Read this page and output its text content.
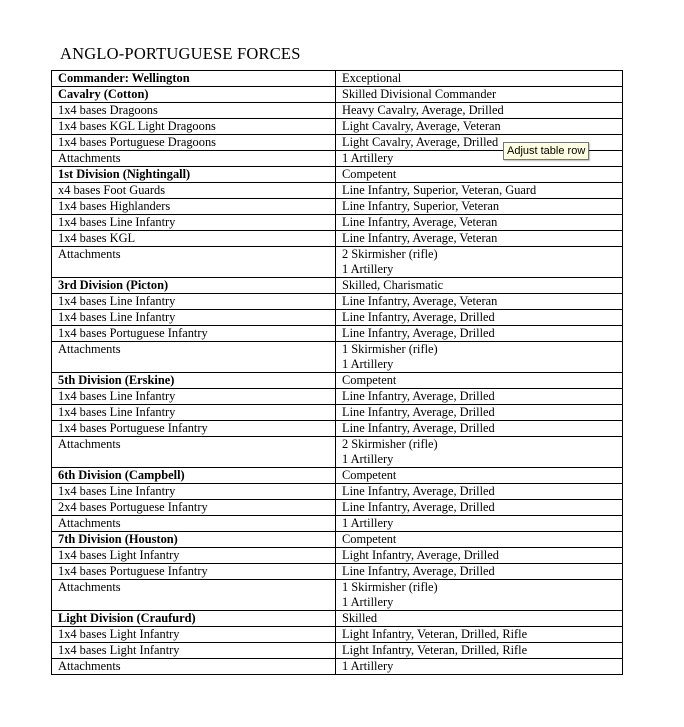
ANGLO-PORTUGUESE FORCES
Commander: Wellington	Exceptional

Cavalry (Cotton)	Skilled Divisional Commander

1x4 bases Dragoons	Heavy Cavalry, Average, Drilled

1x4 bases KGL Light Dragoons	Light Cavalry, Average, Veteran

1x4 bases Portuguese Dragoons	Light Cavalry, Average, Drilled

Attachments	1 Artillery

1st Division (Nightingall)	Competent

x4 bases Foot Guards	Line Infantry, Superior, Veteran, Guard

1x4 bases Highlanders	Line Infantry, Superior, Veteran

1x4 bases Line Infantry	Line Infantry, Average, Veteran

1x4 bases KGL	Line Infantry, Average, Veteran

Attachments	2 Skirmisher (rifle)
1 Artillery

3rd Division (Picton)	Skilled, Charismatic

1x4 bases Line Infantry	Line Infantry, Average, Veteran

1x4 bases Line Infantry	Line Infantry, Average, Drilled

1x4 bases Portuguese Infantry	Line Infantry, Average, Drilled

Attachments	1 Skirmisher (rifle)
1 Artillery

5th Division (Erskine)	Competent

1x4 bases Line Infantry	Line Infantry, Average, Drilled

1x4 bases Line Infantry	Line Infantry, Average, Drilled

1x4 bases Portuguese Infantry	Line Infantry, Average, Drilled

Attachments	2 Skirmisher (rifle)
1 Artillery

6th Division (Campbell)	Competent

1x4 bases Line Infantry	Line Infantry, Average, Drilled

2x4 bases Portuguese Infantry	Line Infantry, Average, Drilled

Attachments	1 Artillery

7th Division (Houston)	Competent

1x4 bases Light Infantry	Light Infantry, Average, Drilled

1x4 bases Portuguese Infantry	Line Infantry, Average, Drilled

Attachments	1 Skirmisher (rifle)
1 Artillery

Light Division (Craufurd)	Skilled

1x4 bases Light Infantry	Light Infantry, Veteran, Drilled, Rifle

1x4 bases Light Infantry	Light Infantry, Veteran, Drilled, Rifle

Attachments	1 Artillery
Adjust table row
